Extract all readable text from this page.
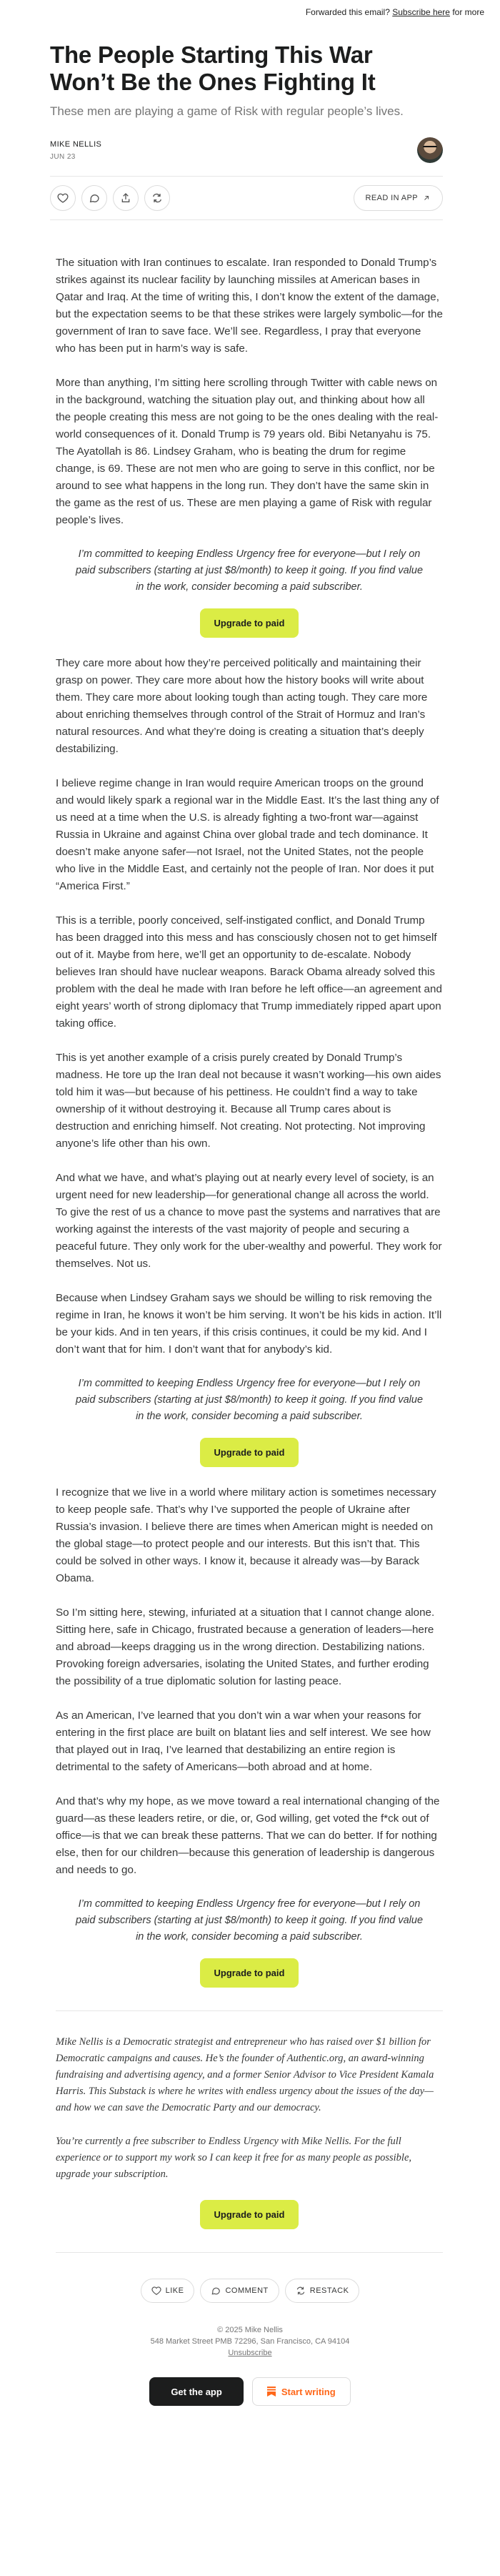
Forwarded this email? Subscribe here for more
The People Starting This War Won’t Be the Ones Fighting It
These men are playing a game of Risk with regular people’s lives.
MIKE NELLIS
JUN 23
READ IN APP

The situation with Iran continues to escalate. Iran responded to Donald Trump’s strikes against its nuclear facility by launching missiles at American bases in Qatar and Iraq. At the time of writing this, I don’t know the extent of the damage, but the expectation seems to be that these strikes were largely symbolic—for the government of Iran to save face. We’ll see. Regardless, I pray that everyone who has been put in harm’s way is safe.

More than anything, I’m sitting here scrolling through Twitter with cable news on in the background, watching the situation play out, and thinking about how all the people creating this mess are not going to be the ones dealing with the real-world consequences of it. Donald Trump is 79 years old. Bibi Netanyahu is 75. The Ayatollah is 86. Lindsey Graham, who is beating the drum for regime change, is 69. These are not men who are going to serve in this conflict, nor be around to see what happens in the long run. They don’t have the same skin in the game as the rest of us. These are men playing a game of Risk with regular people’s lives.

I’m committed to keeping Endless Urgency free for everyone—but I rely on paid subscribers (starting at just $8/month) to keep it going. If you find value in the work, consider becoming a paid subscriber.

Upgrade to paid

They care more about how they’re perceived politically and maintaining their grasp on power. They care more about how the history books will write about them. They care more about looking tough than acting tough. They care more about enriching themselves through control of the Strait of Hormuz and Iran’s natural resources. And what they’re doing is creating a situation that’s deeply destabilizing.

I believe regime change in Iran would require American troops on the ground and would likely spark a regional war in the Middle East. It’s the last thing any of us need at a time when the U.S. is already fighting a two-front war—against Russia in Ukraine and against China over global trade and tech dominance. It doesn’t make anyone safer—not Israel, not the United States, not the people who live in the Middle East, and certainly not the people of Iran. Nor does it put “America First.”

This is a terrible, poorly conceived, self-instigated conflict, and Donald Trump has been dragged into this mess and has consciously chosen not to get himself out of it. Maybe from here, we’ll get an opportunity to de-escalate. Nobody believes Iran should have nuclear weapons. Barack Obama already solved this problem with the deal he made with Iran before he left office—an agreement and eight years’ worth of strong diplomacy that Trump immediately ripped apart upon taking office.

This is yet another example of a crisis purely created by Donald Trump’s madness. He tore up the Iran deal not because it wasn’t working—his own aides told him it was—but because of his pettiness. He couldn’t find a way to take ownership of it without destroying it. Because all Trump cares about is destruction and enriching himself. Not creating. Not protecting. Not improving anyone’s life other than his own.

And what we have, and what’s playing out at nearly every level of society, is an urgent need for new leadership—for generational change all across the world. To give the rest of us a chance to move past the systems and narratives that are working against the interests of the vast majority of people and securing a peaceful future. They only work for the uber-wealthy and powerful. They work for themselves. Not us.

Because when Lindsey Graham says we should be willing to risk removing the regime in Iran, he knows it won’t be him serving. It won’t be his kids in action. It’ll be your kids. And in ten years, if this crisis continues, it could be my kid. And I don’t want that for him. I don’t want that for anybody’s kid.

I’m committed to keeping Endless Urgency free for everyone—but I rely on paid subscribers (starting at just $8/month) to keep it going. If you find value in the work, consider becoming a paid subscriber.

Upgrade to paid

I recognize that we live in a world where military action is sometimes necessary to keep people safe. That’s why I’ve supported the people of Ukraine after Russia’s invasion. I believe there are times when American might is needed on the global stage—to protect people and our interests. But this isn’t that. This could be solved in other ways. I know it, because it already was—by Barack Obama.

So I’m sitting here, stewing, infuriated at a situation that I cannot change alone. Sitting here, safe in Chicago, frustrated because a generation of leaders—here and abroad—keeps dragging us in the wrong direction. Destabilizing nations. Provoking foreign adversaries, isolating the United States, and further eroding the possibility of a true diplomatic solution for lasting peace.

As an American, I’ve learned that you don’t win a war when your reasons for entering in the first place are built on blatant lies and self interest. We see how that played out in Iraq, I’ve learned that destabilizing an entire region is detrimental to the safety of Americans—both abroad and at home.

And that’s why my hope, as we move toward a real international changing of the guard—as these leaders retire, or die, or, God willing, get voted the f*ck out of office—is that we can break these patterns. That we can do better. If for nothing else, then for our children—because this generation of leadership is dangerous and needs to go.

I’m committed to keeping Endless Urgency free for everyone—but I rely on paid subscribers (starting at just $8/month) to keep it going. If you find value in the work, consider becoming a paid subscriber.

Upgrade to paid

Mike Nellis is a Democratic strategist and entrepreneur who has raised over $1 billion for Democratic campaigns and causes. He’s the founder of Authentic.org, an award-winning fundraising and advertising agency, and a former Senior Advisor to Vice President Kamala Harris. This Substack is where he writes with endless urgency about the issues of the day—and how we can save the Democratic Party and our democracy.

You’re currently a free subscriber to Endless Urgency with Mike Nellis. For the full experience or to support my work so I can keep it free for as many people as possible, upgrade your subscription.

Upgrade to paid
LIKE	COMMENT	RESTACK
© 2025 Mike Nellis
548 Market Street PMB 72296, San Francisco, CA 94104
Unsubscribe
Get the app	Start writing
